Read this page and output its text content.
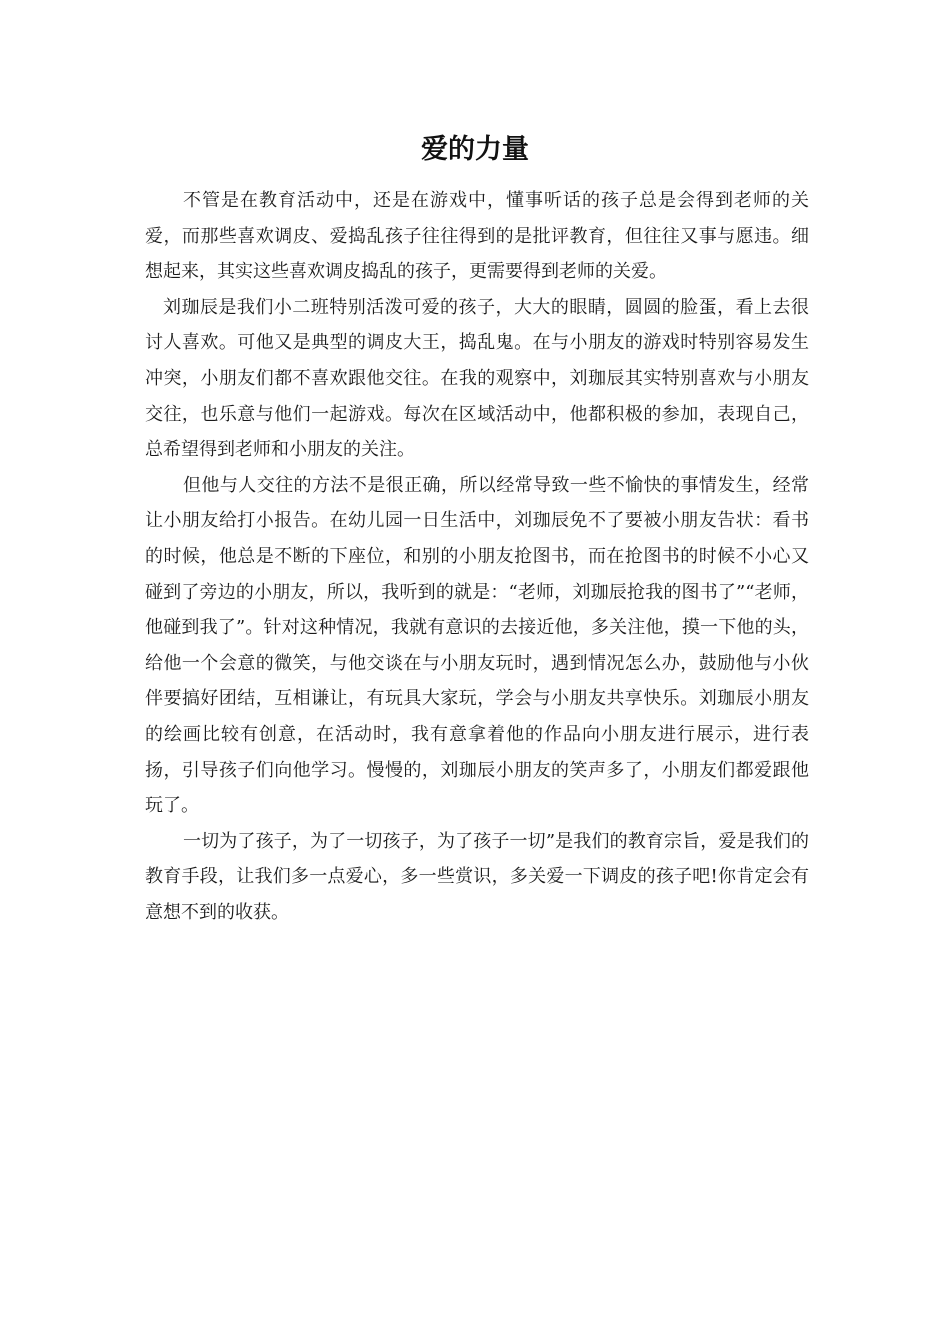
爱的力量

不管是在教育活动中，还是在游戏中，懂事听话的孩子总是会得到老师的关爱，而那些喜欢调皮、爱捣乱孩子往往得到的是批评教育，但往往又事与愿违。细想起来，其实这些喜欢调皮捣乱的孩子，更需要得到老师的关爱。

刘珈辰是我们小二班特别活泼可爱的孩子，大大的眼睛，圆圆的脸蛋，看上去很讨人喜欢。可他又是典型的调皮大王，捣乱鬼。在与小朋友的游戏时特别容易发生冲突，小朋友们都不喜欢跟他交往。在我的观察中，刘珈辰其实特别喜欢与小朋友交往，也乐意与他们一起游戏。每次在区域活动中，他都积极的参加，表现自己，总希望得到老师和小朋友的关注。

但他与人交往的方法不是很正确，所以经常导致一些不愉快的事情发生，经常让小朋友给打小报告。在幼儿园一日生活中，刘珈辰免不了要被小朋友告状：看书的时候，他总是不断的下座位，和别的小朋友抢图书，而在抢图书的时候不小心又碰到了旁边的小朋友，所以，我听到的就是：“老师，刘珈辰抢我的图书了”“老师，他碰到我了”。针对这种情况，我就有意识的去接近他，多关注他，摸一下他的头，给他一个会意的微笑，与他交谈在与小朋友玩时，遇到情况怎么办，鼓励他与小伙伴要搞好团结，互相谦让，有玩具大家玩，学会与小朋友共享快乐。刘珈辰小朋友的绘画比较有创意，在活动时，我有意拿着他的作品向小朋友进行展示，进行表扬，引导孩子们向他学习。慢慢的，刘珈辰小朋友的笑声多了，小朋友们都爱跟他玩了。

一切为了孩子，为了一切孩子，为了孩子一切”是我们的教育宗旨，爱是我们的教育手段，让我们多一点爱心，多一些赏识，多关爱一下调皮的孩子吧!你肯定会有意想不到的收获。
